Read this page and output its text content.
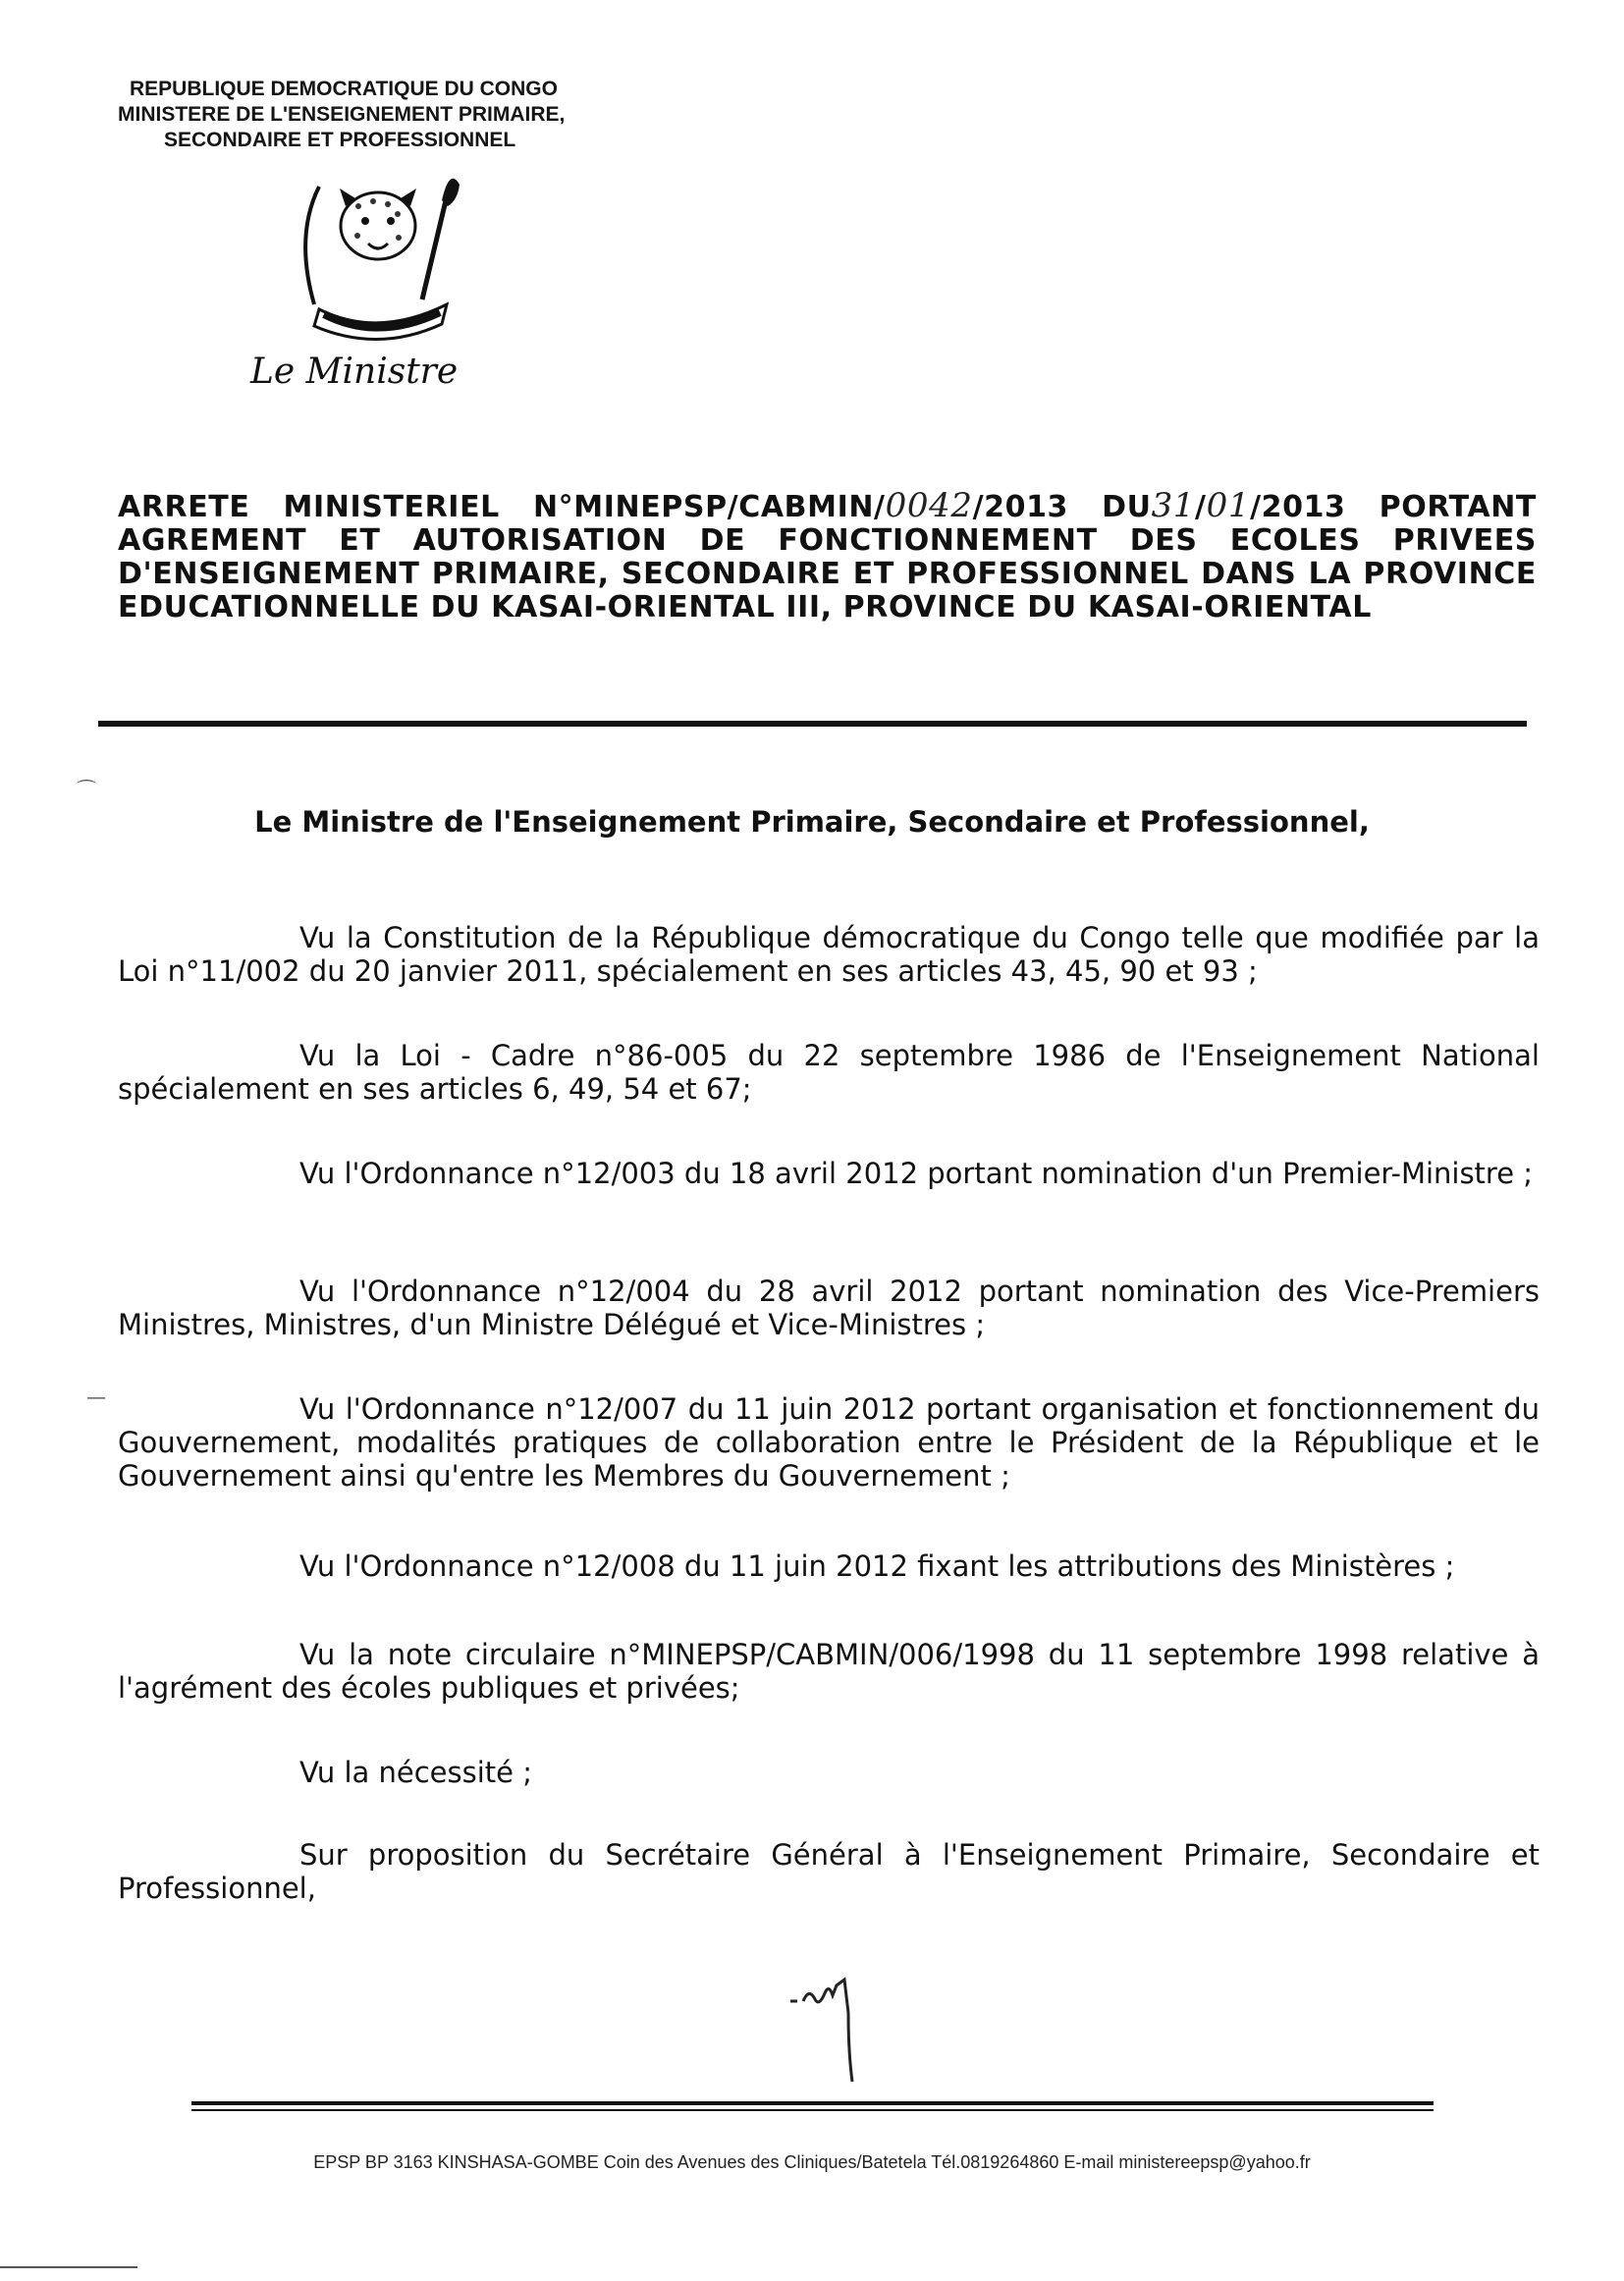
REPUBLIQUE DEMOCRATIQUE DU CONGO
MINISTERE DE L'ENSEIGNEMENT PRIMAIRE,
SECONDAIRE ET PROFESSIONNEL
Le Ministre
ARRETE MINISTERIEL N°MINEPSP/CABMIN/0042/2013 DU31/01/2013 PORTANT AGREMENT ET AUTORISATION DE FONCTIONNEMENT DES ECOLES PRIVEES D'ENSEIGNEMENT PRIMAIRE, SECONDAIRE ET PROFESSIONNEL DANS LA PROVINCE EDUCATIONNELLE DU KASAI-ORIENTAL III, PROVINCE DU KASAI-ORIENTAL
⌒
Le Ministre de l'Enseignement Primaire, Secondaire et Professionnel,
Vu la Constitution de la République démocratique du Congo telle que modifiée par la Loi n°11/002 du 20 janvier 2011, spécialement en ses articles 43, 45, 90 et 93 ;
Vu la Loi - Cadre n°86-005 du 22 septembre 1986 de l'Enseignement National spécialement en ses articles 6, 49, 54 et 67;
Vu l'Ordonnance n°12/003 du 18 avril 2012 portant nomination d'un Premier-Ministre ;
Vu l'Ordonnance n°12/004 du 28 avril 2012 portant nomination des Vice-Premiers Ministres, Ministres, d'un Ministre Délégué et Vice-Ministres ;
Vu l'Ordonnance n°12/007 du 11 juin 2012 portant organisation et fonctionnement du Gouvernement, modalités pratiques de collaboration entre le Président de la République et le Gouvernement ainsi qu'entre les Membres du Gouvernement ;
Vu l'Ordonnance n°12/008 du 11 juin 2012 fixant les attributions des Ministères ;
Vu la note circulaire n°MINEPSP/CABMIN/006/1998 du 11 septembre 1998 relative à l'agrément des écoles publiques et privées;
Vu la nécessité ;
Sur proposition du Secrétaire Général à l'Enseignement Primaire, Secondaire et Professionnel,
—
EPSP BP 3163 KINSHASA-GOMBE Coin des Avenues des Cliniques/Batetela Tél.0819264860 E-mail ministereepsp@yahoo.fr
